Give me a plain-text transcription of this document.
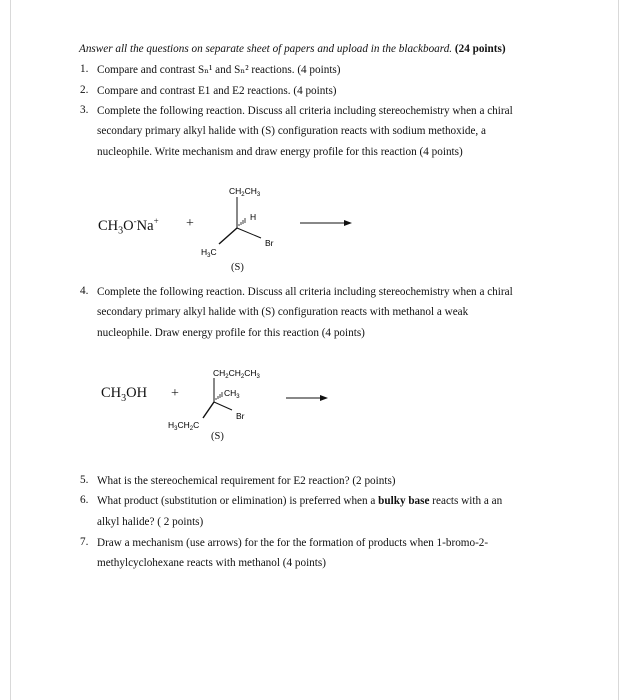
Answer all the questions on separate sheet of papers and upload in the blackboard. (24 points)
1. Compare and contrast Sₙ¹ and Sₙ² reactions. (4 points)
2. Compare and contrast E1 and E2 reactions. (4 points)
3. Complete the following reaction. Discuss all criteria including stereochemistry when a chiral
secondary primary alkyl halide with (S) configuration reacts with sodium methoxide, a
nucleophile. Write mechanism and draw energy profile for this reaction (4 points)
$CH_3O^-Na^+$ +
$CH_2CH_3$
H
Br
$H_3C$
(S)
4. Complete the following reaction. Discuss all criteria including stereochemistry when a chiral
secondary primary alkyl halide with (S) configuration reacts with methanol a weak
nucleophile. Draw energy profile for this reaction (4 points)
$CH_3OH$ +
$CH_2CH_2CH_3$
$CH_3$
Br
$H_3CH_2C$
(S)
5. What is the stereochemical requirement for E2 reaction? (2 points)
6. What product (substitution or elimination) is preferred when a bulky base reacts with a an
alkyl halide? ( 2 points)
7. Draw a mechanism (use arrows) for the for the formation of products when 1-bromo-2-
methylcyclohexane reacts with methanol (4 points)
